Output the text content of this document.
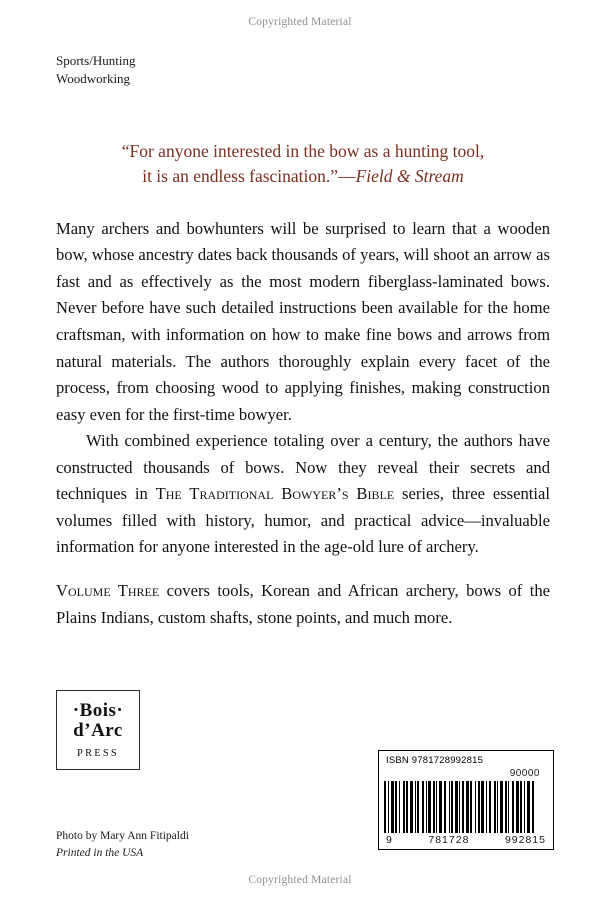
Copyrighted Material
Copyrighted Material
Sports/Hunting
Woodworking
“For anyone interested in the bow as a hunting tool,
it is an endless fascination.”—Field & Stream

Many archers and bowhunters will be surprised to learn that a wooden bow, whose ancestry dates back thousands of years, will shoot an arrow as fast and as effectively as the most modern fiberglass-laminated bows. Never before have such detailed instructions been available for the home craftsman, with information on how to make fine bows and arrows from natural materials. The authors thoroughly explain every facet of the process, from choosing wood to applying finishes, making construction easy even for the first-time bowyer.

With combined experience totaling over a century, the authors have constructed thousands of bows. Now they reveal their secrets and techniques in The Traditional Bowyer’s Bible series, three essential volumes filled with history, humor, and practical advice—invaluable information for anyone interested in the age-old lure of archery.

Volume Three covers tools, Korean and African archery, bows of the Plains Indians, custom shafts, stone points, and much more.

·Bois·
d’Arc
PRESS
Photo by Mary Ann Fitipaldi
Printed in the USA
ISBN 9781728992815
90000
9	781728	992815
